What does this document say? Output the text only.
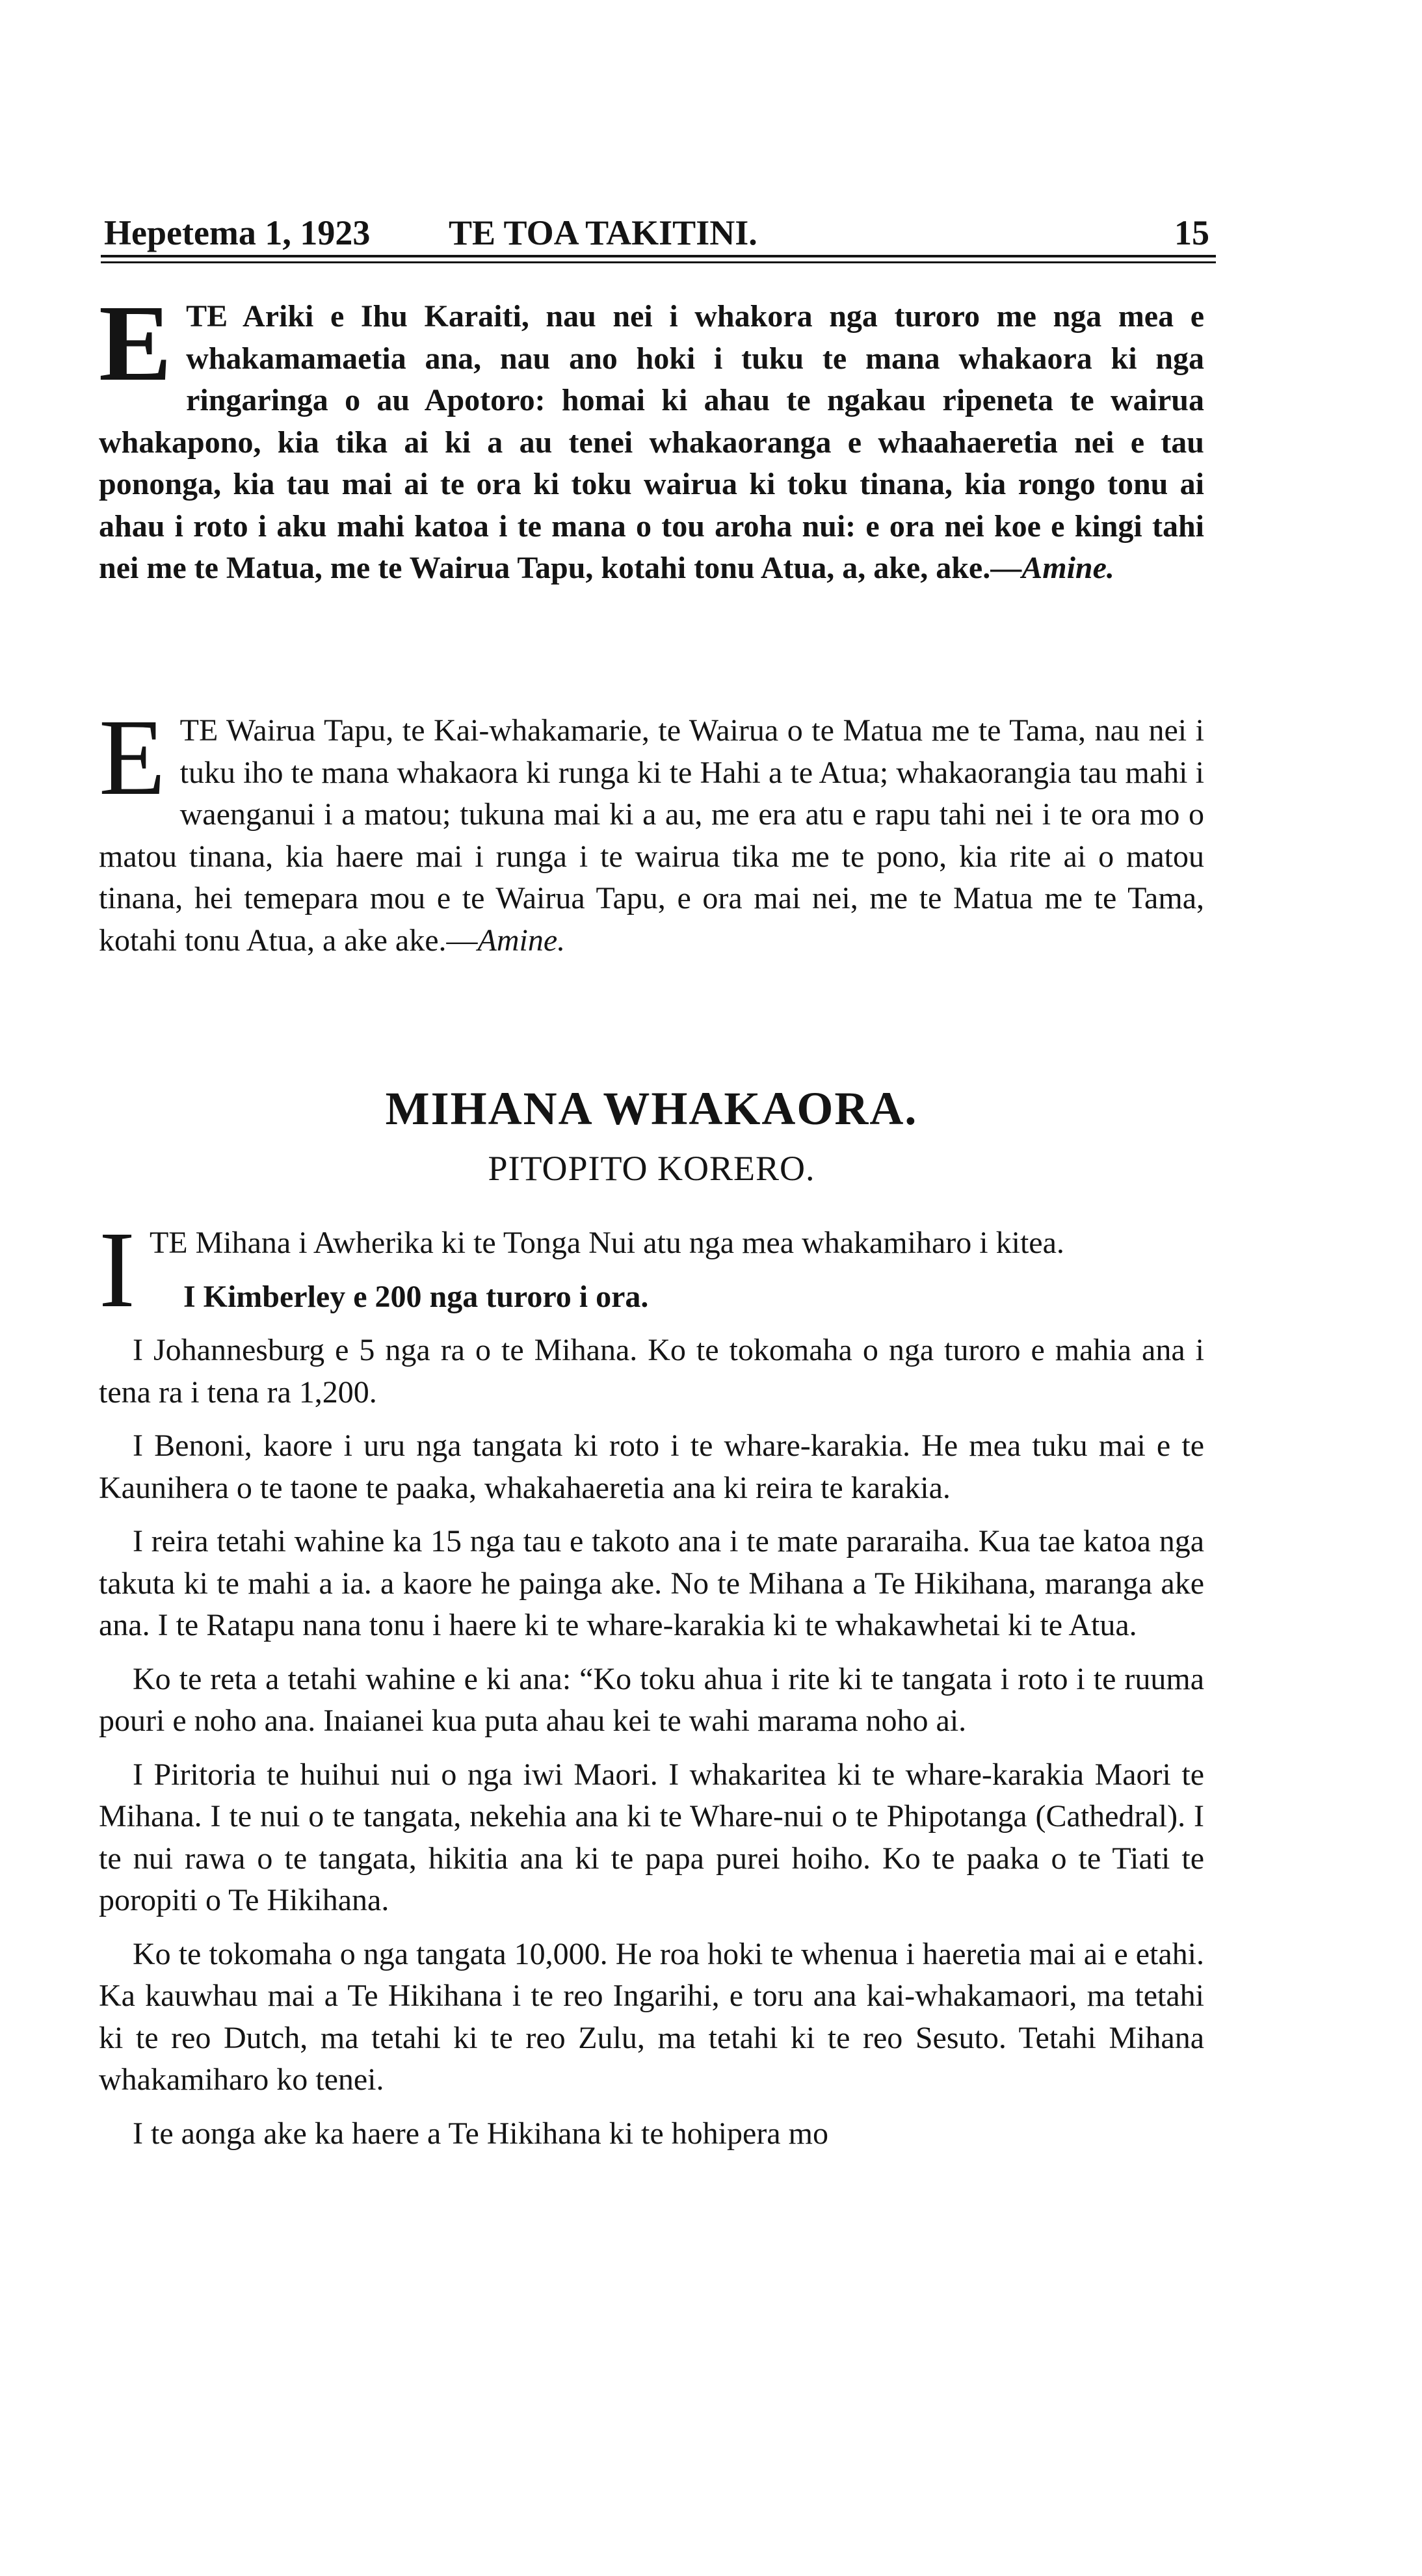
Hepetema 1, 1923 TE TOA TAKITINI.	15

ETE Ariki e Ihu Karaiti, nau nei i whakora nga turoro me nga mea e whakamamaetia ana, nau ano hoki i tuku te mana whakaora ki nga ringaringa o au Apotoro: homai ki ahau te ngakau ripeneta te wairua whakapono, kia tika ai ki a au tenei whakaoranga e whaahaeretia nei e tau pononga, kia tau mai ai te ora ki toku wairua ki toku tinana, kia rongo tonu ai ahau i roto i aku mahi katoa i te mana o tou aroha nui: e ora nei koe e kingi tahi nei me te Matua, me te Wairua Tapu, kotahi tonu Atua, a, ake, ake.—Amine.

ETE Wairua Tapu, te Kai-whakamarie, te Wairua o te Matua me te Tama, nau nei i tuku iho te mana whakaora ki runga ki te Hahi a te Atua; whakaorangia tau mahi i waenganui i a matou; tukuna mai ki a au, me era atu e rapu tahi nei i te ora mo o matou tinana, kia haere mai i runga i te wairua tika me te pono, kia rite ai o matou tinana, hei temepara mou e te Wairua Tapu, e ora mai nei, me te Matua me te Tama, kotahi tonu Atua, a ake ake.—Amine.

MIHANA WHAKAORA.
PITOPITO KORERO.

ITE Mihana i Awherika ki te Tonga Nui atu nga mea whakamiharo i kitea.

I Kimberley e 200 nga turoro i ora.

I Johannesburg e 5 nga ra o te Mihana. Ko te tokomaha o nga turoro e mahia ana i tena ra i tena ra 1,200.

I Benoni, kaore i uru nga tangata ki roto i te whare-karakia. He mea tuku mai e te Kaunihera o te taone te paaka, whakahaeretia ana ki reira te karakia.

I reira tetahi wahine ka 15 nga tau e takoto ana i te mate pararaiha. Kua tae katoa nga takuta ki te mahi a ia. a kaore he painga ake. No te Mihana a Te Hikihana, maranga ake ana. I te Ratapu nana tonu i haere ki te whare-karakia ki te whakawhetai ki te Atua.

Ko te reta a tetahi wahine e ki ana: “Ko toku ahua i rite ki te tangata i roto i te ruuma pouri e noho ana. Inaianei kua puta ahau kei te wahi marama noho ai.

I Piritoria te huihui nui o nga iwi Maori. I whakaritea ki te whare-karakia Maori te Mihana. I te nui o te tangata, nekehia ana ki te Whare-nui o te Phipotanga (Cathedral). I te nui rawa o te tangata, hikitia ana ki te papa purei hoiho. Ko te paaka o te Tiati te poropiti o Te Hikihana.

Ko te tokomaha o nga tangata 10,000. He roa hoki te whenua i haeretia mai ai e etahi. Ka kauwhau mai a Te Hikihana i te reo Ingarihi, e toru ana kai-whakamaori, ma tetahi ki te reo Dutch, ma tetahi ki te reo Zulu, ma tetahi ki te reo Sesuto. Tetahi Mihana whakamiharo ko tenei.

I te aonga ake ka haere a Te Hikihana ki te hohipera mo
